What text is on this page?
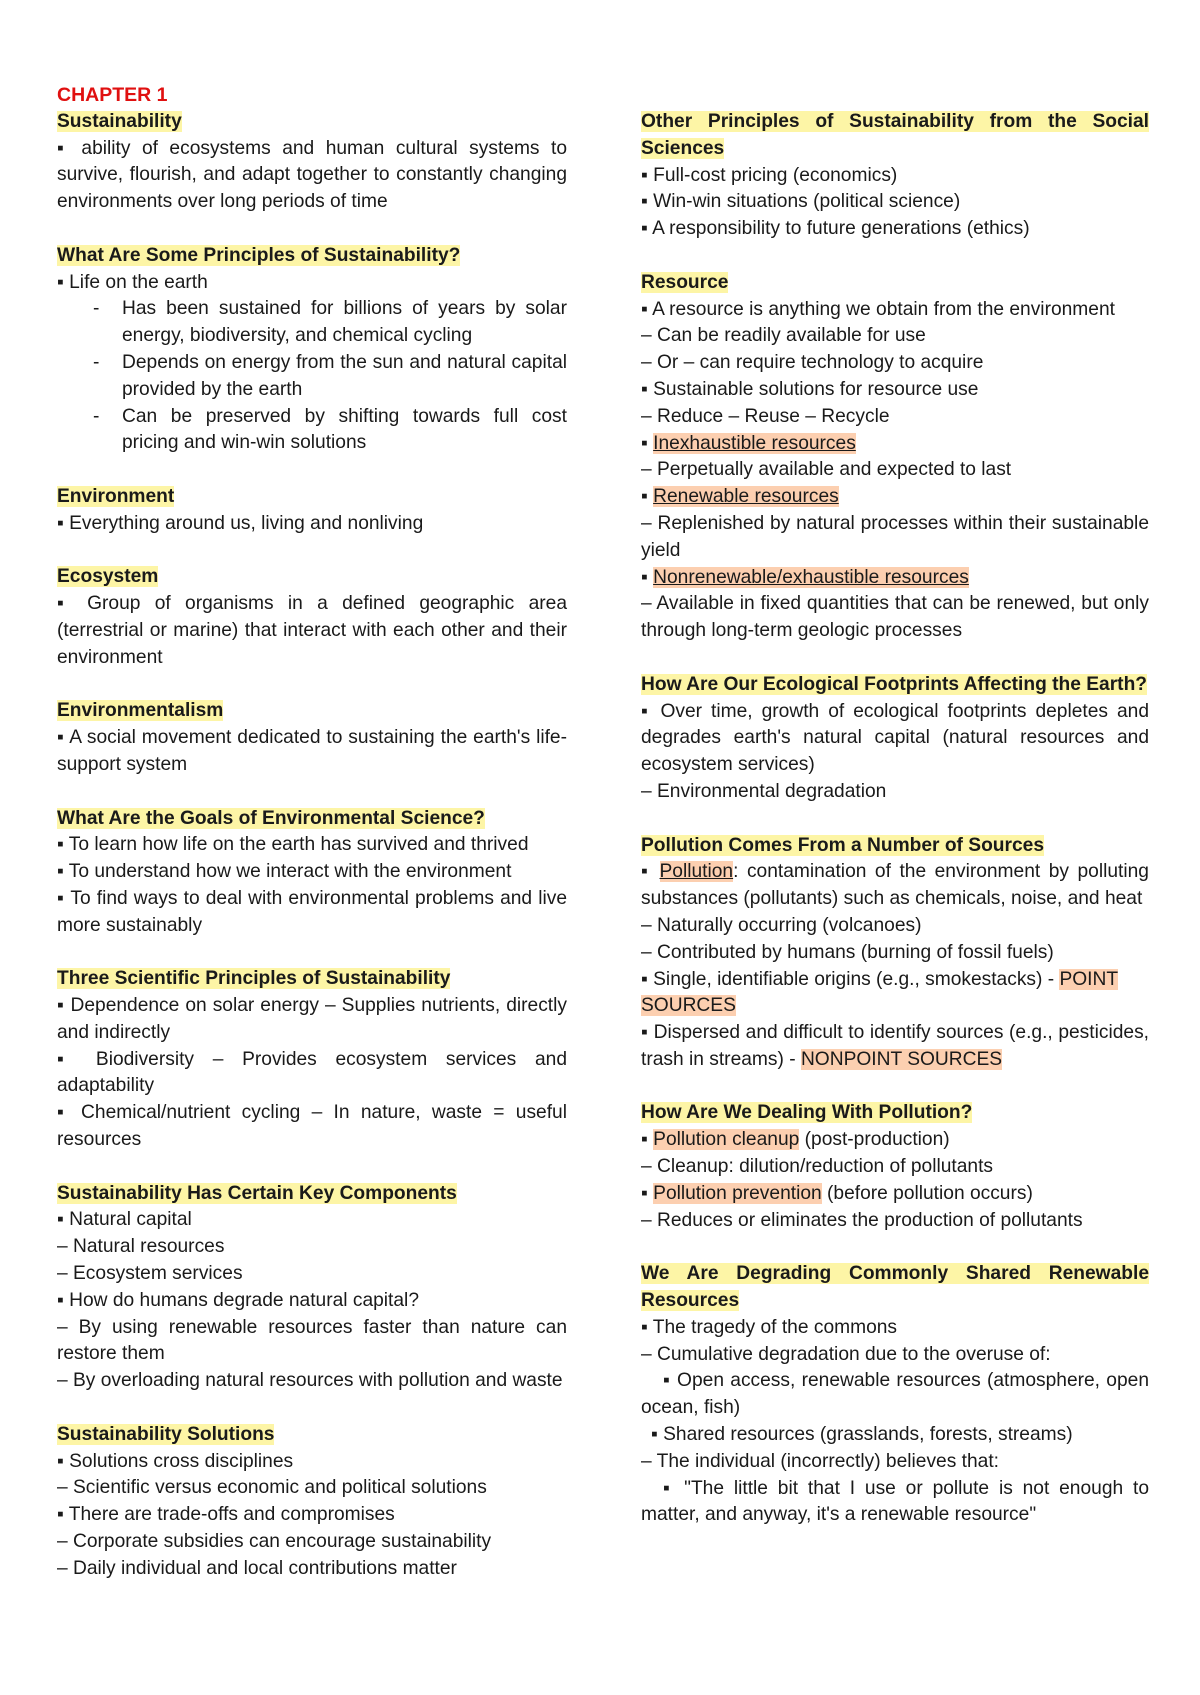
CHAPTER 1

Sustainability

▪ ability of ecosystems and human cultural systems to survive, flourish, and adapt together to constantly changing environments over long periods of time

What Are Some Principles of Sustainability?

▪ Life on the earth

-	Has been sustained for billions of years by solar energy, biodiversity, and chemical cycling
-	Depends on energy from the sun and natural capital provided by the earth
-	Can be preserved by shifting towards full cost pricing and win-win solutions

Environment

▪ Everything around us, living and nonliving

Ecosystem

▪ Group of organisms in a defined geographic area (terrestrial or marine) that interact with each other and their environment

Environmentalism

▪ A social movement dedicated to sustaining the earth's life-support system

What Are the Goals of Environmental Science?

▪ To learn how life on the earth has survived and thrived

▪ To understand how we interact with the environment

▪ To find ways to deal with environmental problems and live more sustainably

Three Scientific Principles of Sustainability

▪ Dependence on solar energy – Supplies nutrients, directly and indirectly

▪ Biodiversity – Provides ecosystem services and adaptability

▪ Chemical/nutrient cycling – In nature, waste = useful resources

Sustainability Has Certain Key Components

▪ Natural capital

– Natural resources

– Ecosystem services

▪ How do humans degrade natural capital?

– By using renewable resources faster than nature can restore them

– By overloading natural resources with pollution and waste

Sustainability Solutions

▪ Solutions cross disciplines

– Scientific versus economic and political solutions

▪ There are trade-offs and compromises

– Corporate subsidies can encourage sustainability

– Daily individual and local contributions matter

Other Principles of Sustainability from the Social Sciences

▪ Full-cost pricing (economics)

▪ Win-win situations (political science)

▪ A responsibility to future generations (ethics)

Resource

▪ A resource is anything we obtain from the environment

– Can be readily available for use

– Or – can require technology to acquire

▪ Sustainable solutions for resource use

– Reduce – Reuse – Recycle

▪ Inexhaustible resources

– Perpetually available and expected to last

▪ Renewable resources

– Replenished by natural processes within their sustainable yield

▪ Nonrenewable/exhaustible resources

– Available in fixed quantities that can be renewed, but only through long-term geologic processes

How Are Our Ecological Footprints Affecting the Earth?

▪ Over time, growth of ecological footprints depletes and degrades earth's natural capital (natural resources and ecosystem services)

– Environmental degradation

Pollution Comes From a Number of Sources

▪ Pollution: contamination of the environment by polluting substances (pollutants) such as chemicals, noise, and heat

– Naturally occurring (volcanoes)

– Contributed by humans (burning of fossil fuels)

▪ Single, identifiable origins (e.g., smokestacks) - POINT SOURCES

▪ Dispersed and difficult to identify sources (e.g., pesticides, trash in streams) - NONPOINT SOURCES

How Are We Dealing With Pollution?

▪ Pollution cleanup (post-production)

– Cleanup: dilution/reduction of pollutants

▪ Pollution prevention (before pollution occurs)

– Reduces or eliminates the production of pollutants

We Are Degrading Commonly Shared Renewable Resources

▪ The tragedy of the commons

– Cumulative degradation due to the overuse of:

▪ Open access, renewable resources (atmosphere, open ocean, fish)

▪ Shared resources (grasslands, forests, streams)

– The individual (incorrectly) believes that:

▪ "The little bit that I use or pollute is not enough to matter, and anyway, it's a renewable resource"
